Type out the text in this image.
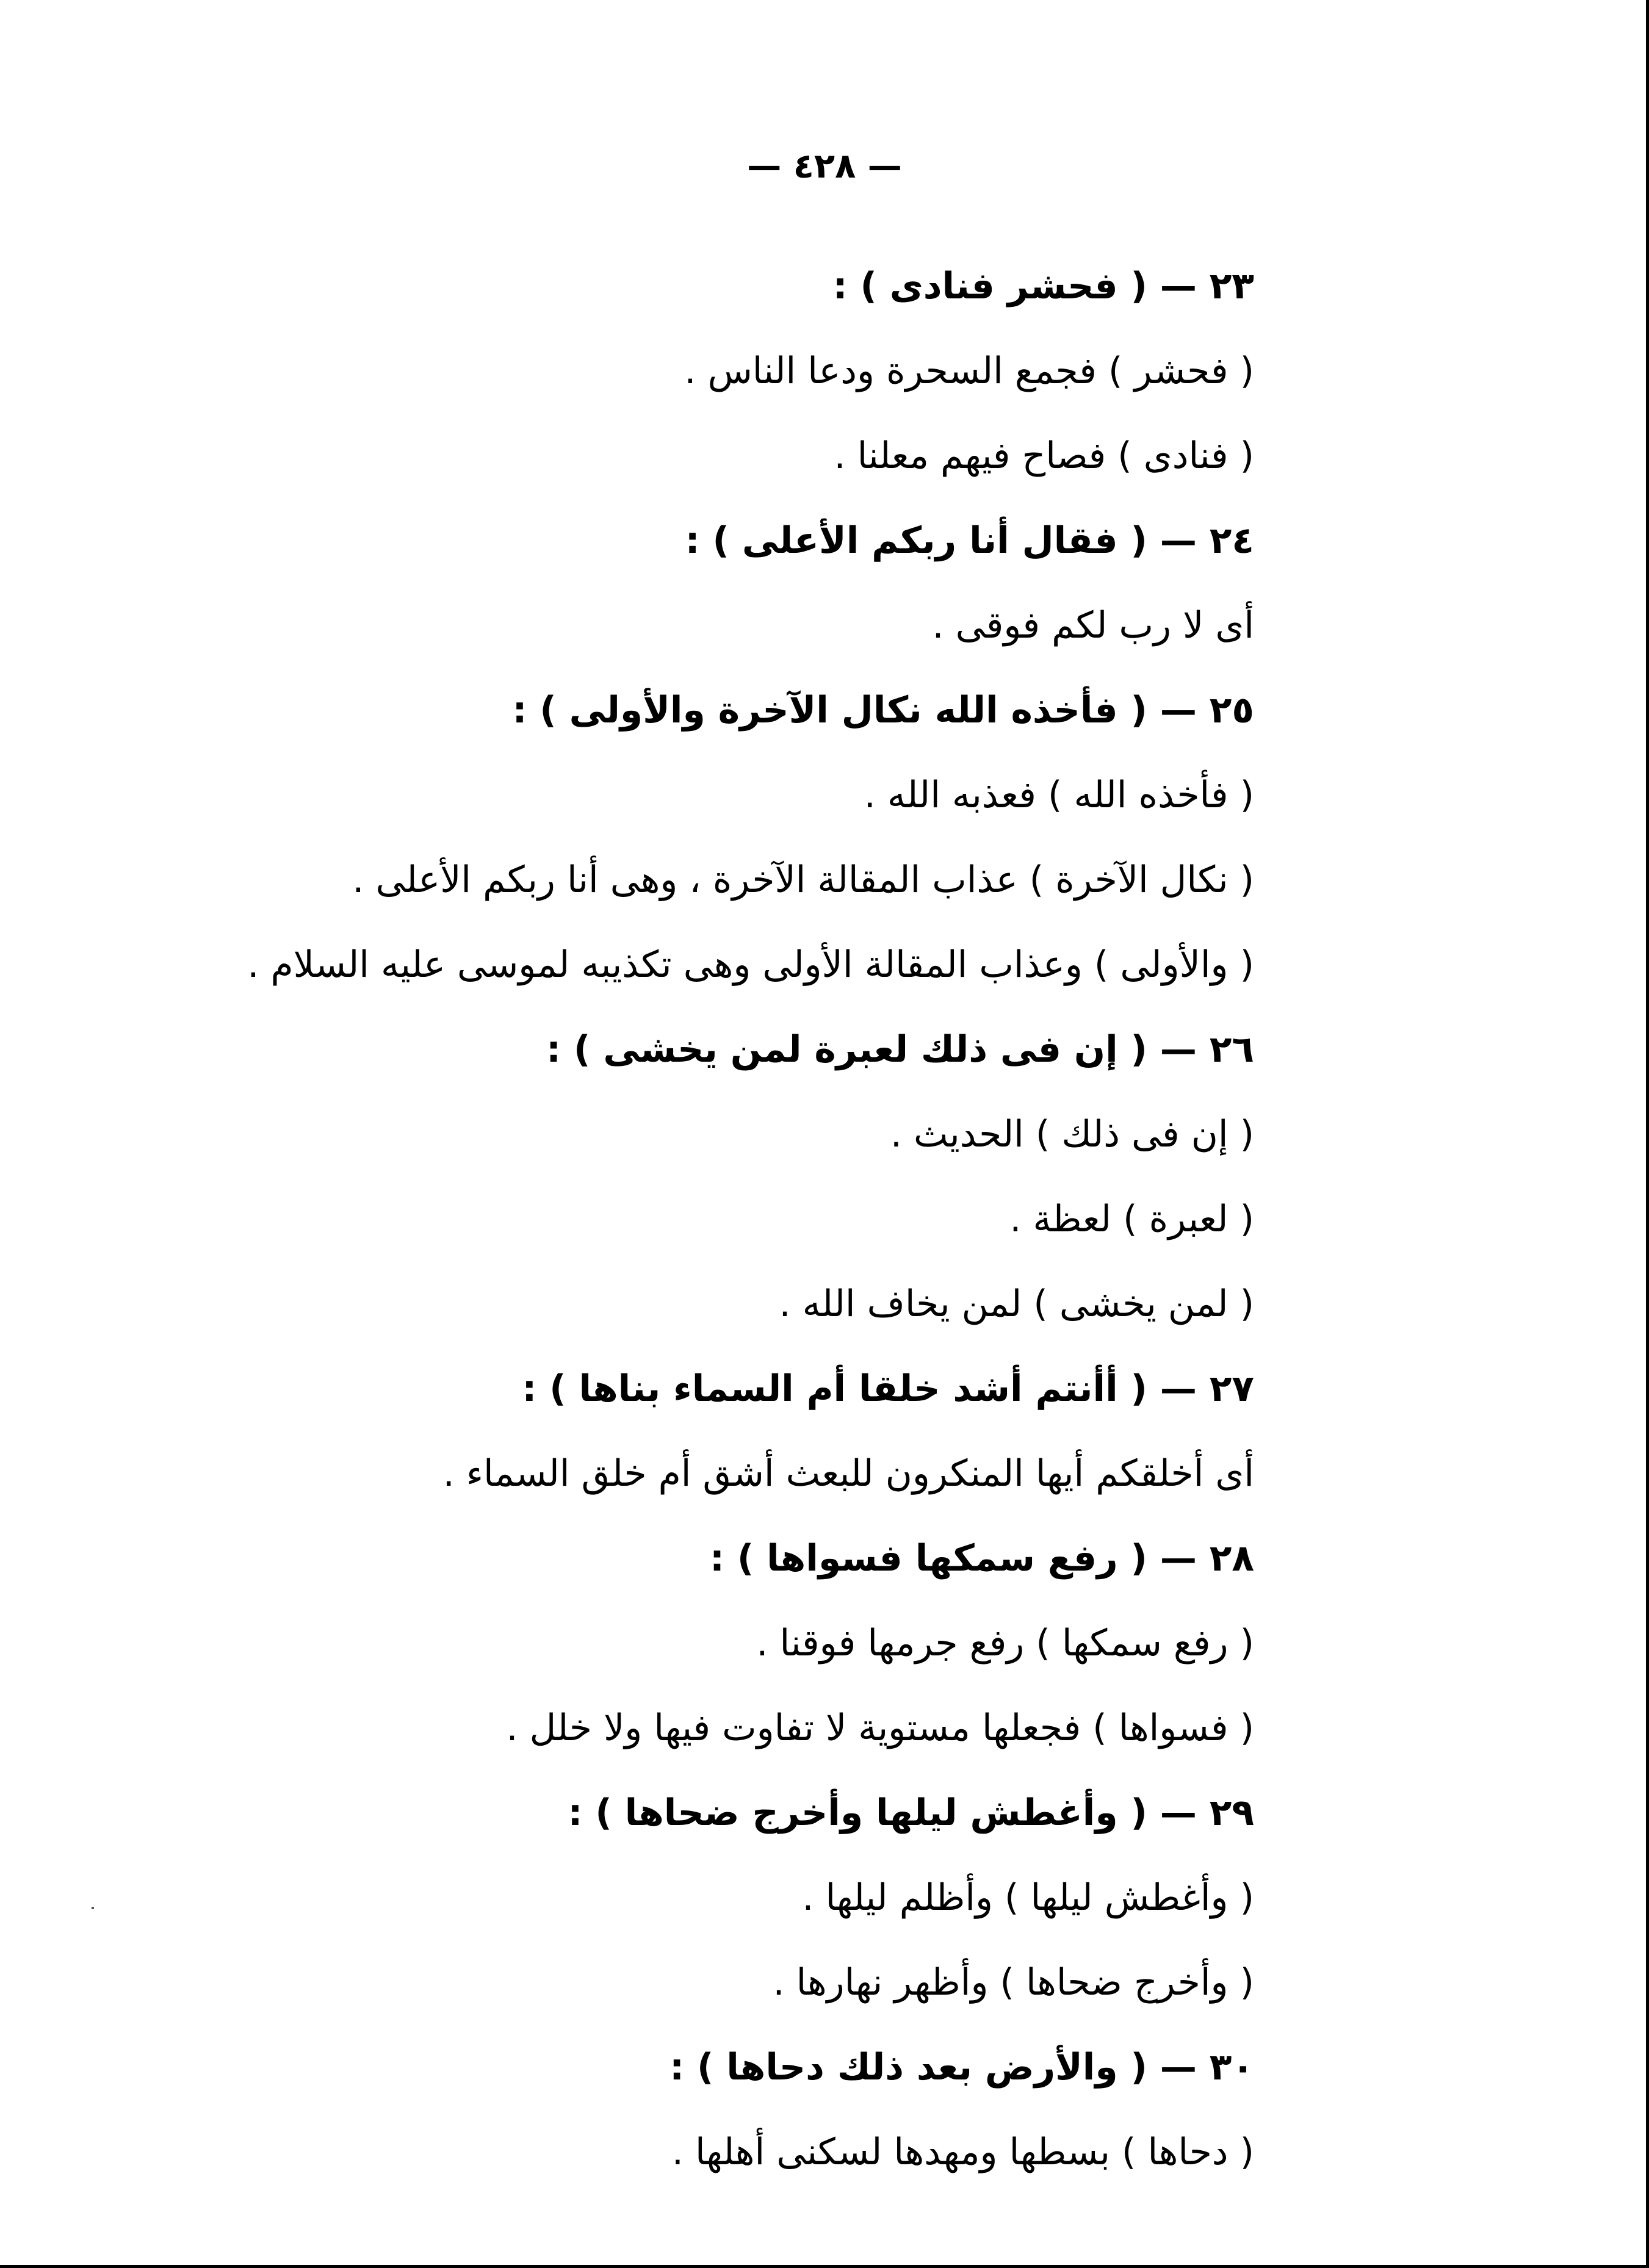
— ٤٢٨ —
٢٣ — ( فحشر فنادى ) :
( فحشر ) فجمع السحرة ودعا الناس .
( فنادى ) فصاح فيهم معلنا .
٢٤ — ( فقال أنا ربكم الأعلى ) :
أى لا رب لكم فوقى .
٢٥ — ( فأخذه الله نكال الآخرة والأولى ) :
( فأخذه الله ) فعذبه الله .
( نكال الآخرة ) عذاب المقالة الآخرة ، وهى أنا ربكم الأعلى .
( والأولى ) وعذاب المقالة الأولى وهى تكذيبه لموسى عليه السلام .
٢٦ — ( إن فى ذلك لعبرة لمن يخشى ) :
( إن فى ذلك ) الحديث .
( لعبرة ) لعظة .
( لمن يخشى ) لمن يخاف الله .
٢٧ — ( أأنتم أشد خلقا أم السماء بناها ) :
أى أخلقكم أيها المنكرون للبعث أشق أم خلق السماء .
٢٨ — ( رفع سمكها فسواها ) :
( رفع سمكها ) رفع جرمها فوقنا .
( فسواها ) فجعلها مستوية لا تفاوت فيها ولا خلل .
٢٩ — ( وأغطش ليلها وأخرج ضحاها ) :
( وأغطش ليلها ) وأظلم ليلها .
( وأخرج ضحاها ) وأظهر نهارها .
٣٠ — ( والأرض بعد ذلك دحاها ) :
( دحاها ) بسطها ومهدها لسكنى أهلها .
